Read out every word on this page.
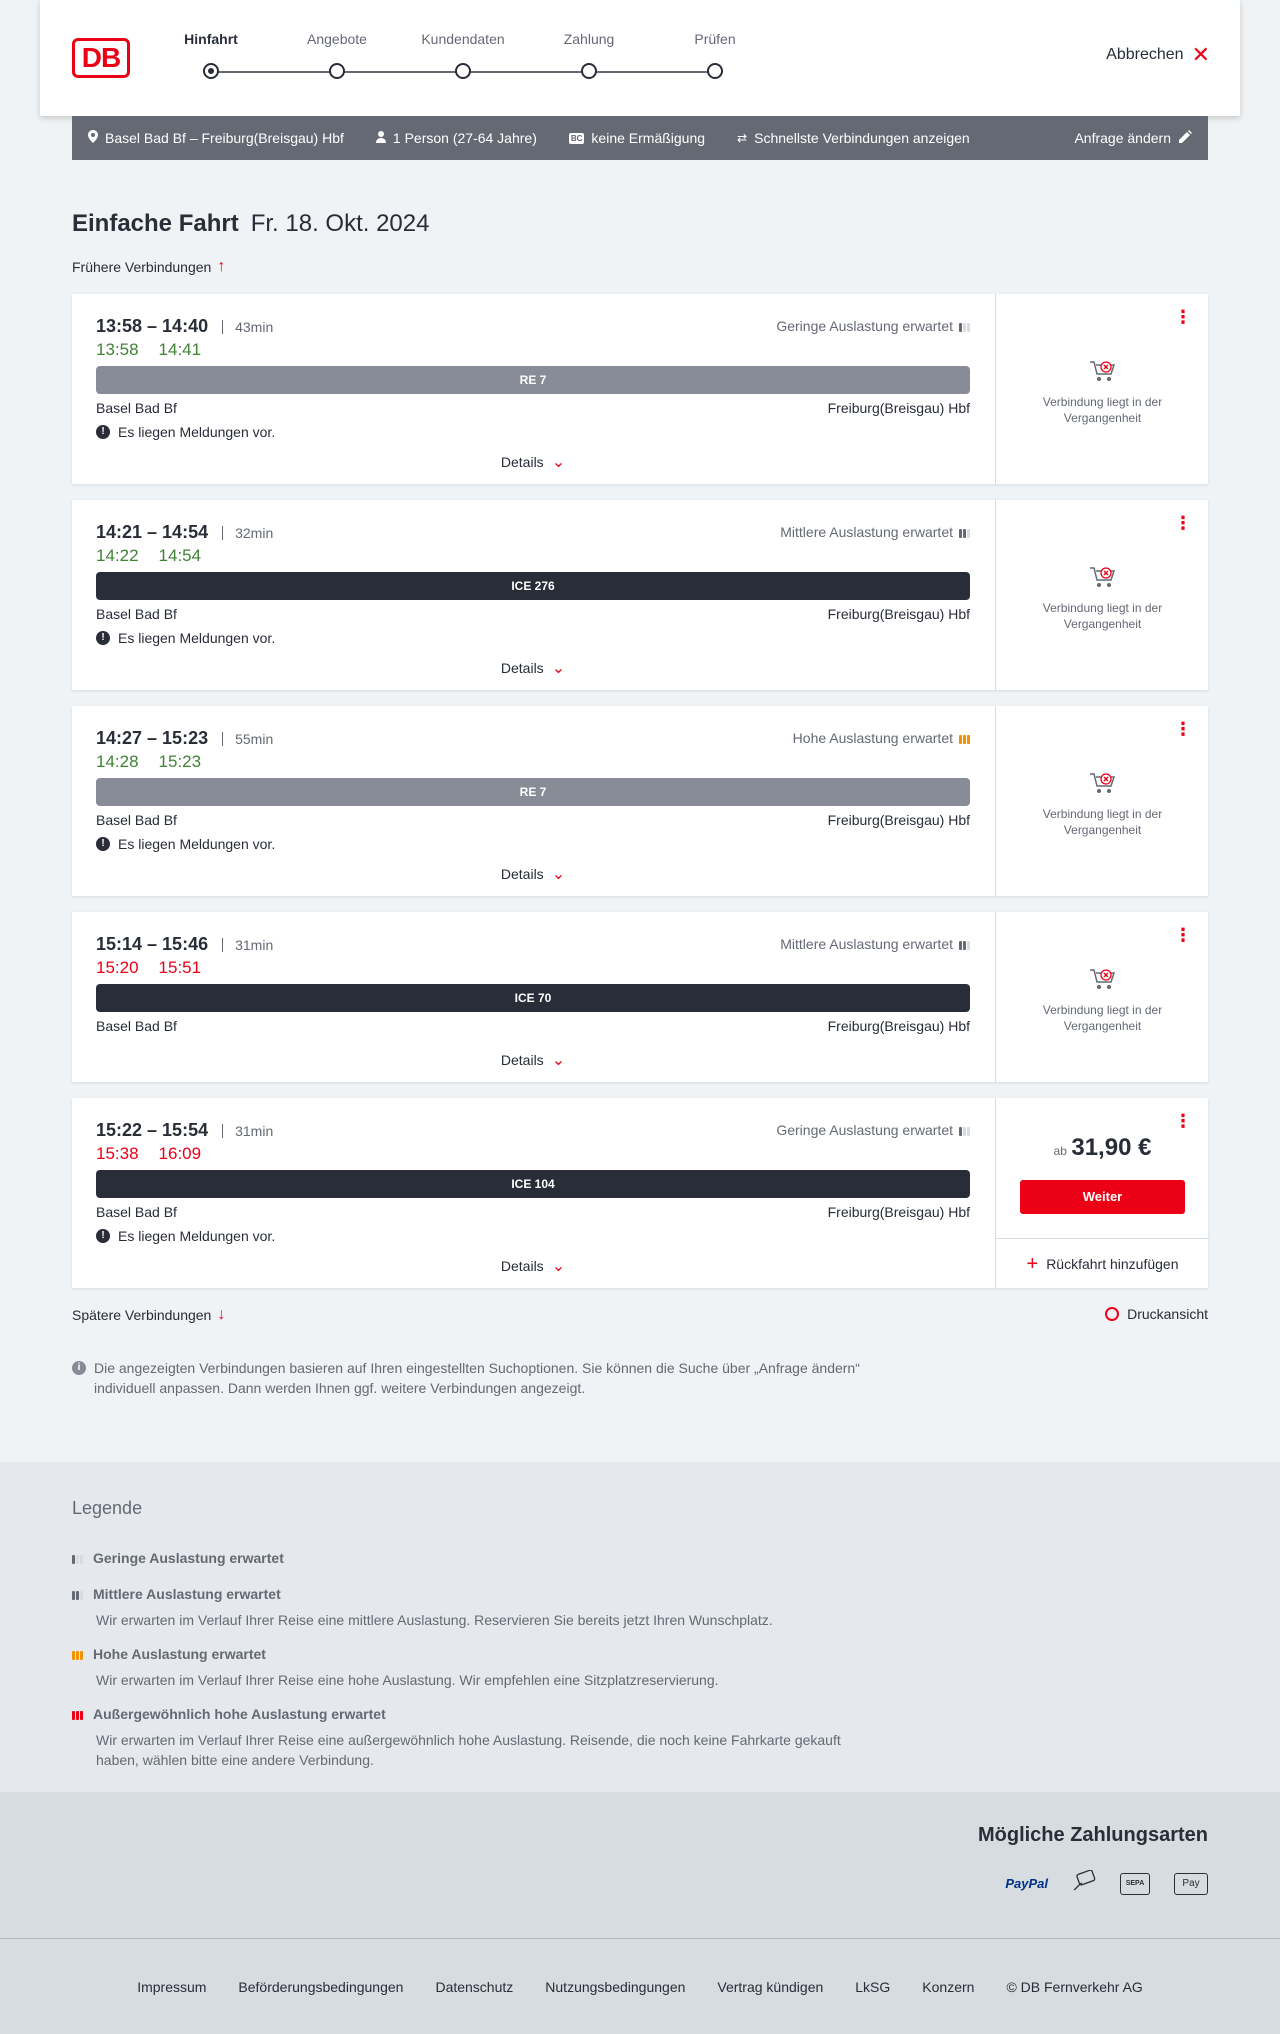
DB
Hinfahrt	Angebote	Kundendaten	Zahlung	Prüfen
Abbrechen ✕
Basel Bad Bf – Freiburg(Breisgau) Hbf	1 Person (27-64 Jahre)	BC keine Ermäßigung	⇄ Schnellste Verbindungen anzeigen	Anfrage ändern
Einfache Fahrt Fr. 18. Okt. 2024
Frühere Verbindungen ↑
13:58 – 14:40	43min
13:58 14:41
Geringe Auslastung erwartet
RE 7
Basel Bad Bf	Freiburg(Breisgau) Hbf
! Es liegen Meldungen vor.
Details ⌄
⋮
Verbindung liegt in der Vergangenheit
14:21 – 14:54	32min
14:22 14:54
Mittlere Auslastung erwartet
ICE 276
Basel Bad Bf	Freiburg(Breisgau) Hbf
! Es liegen Meldungen vor.
Details ⌄
⋮
Verbindung liegt in der Vergangenheit
14:27 – 15:23	55min
14:28 15:23
Hohe Auslastung erwartet
RE 7
Basel Bad Bf	Freiburg(Breisgau) Hbf
! Es liegen Meldungen vor.
Details ⌄
⋮
Verbindung liegt in der Vergangenheit
15:14 – 15:46	31min
15:20 15:51
Mittlere Auslastung erwartet
ICE 70
Basel Bad Bf	Freiburg(Breisgau) Hbf
Details ⌄
⋮
Verbindung liegt in der Vergangenheit
15:22 – 15:54	31min
15:38 16:09
Geringe Auslastung erwartet
ICE 104
Basel Bad Bf	Freiburg(Breisgau) Hbf
! Es liegen Meldungen vor.
Details ⌄
⋮
ab 31,90 €
Weiter
+ Rückfahrt hinzufügen
Spätere Verbindungen ↓	Druckansicht
i Die angezeigten Verbindungen basieren auf Ihren eingestellten Suchoptionen. Sie können die Suche über „Anfrage ändern“ individuell anpassen. Dann werden Ihnen ggf. weitere Verbindungen angezeigt.
Legende
Geringe Auslastung erwartet
Mittlere Auslastung erwartet
Wir erwarten im Verlauf Ihrer Reise eine mittlere Auslastung. Reservieren Sie bereits jetzt Ihren Wunschplatz.
Hohe Auslastung erwartet
Wir erwarten im Verlauf Ihrer Reise eine hohe Auslastung. Wir empfehlen eine Sitzplatzreservierung.
Außergewöhnlich hohe Auslastung erwartet
Wir erwarten im Verlauf Ihrer Reise eine außergewöhnlich hohe Auslastung. Reisende, die noch keine Fahrkarte gekauft haben, wählen bitte eine andere Verbindung.
Mögliche Zahlungsarten
PayPal	SEPA	Pay
Impressum Beförderungsbedingungen Datenschutz Nutzungsbedingungen Vertrag kündigen LkSG Konzern © DB Fernverkehr AG
